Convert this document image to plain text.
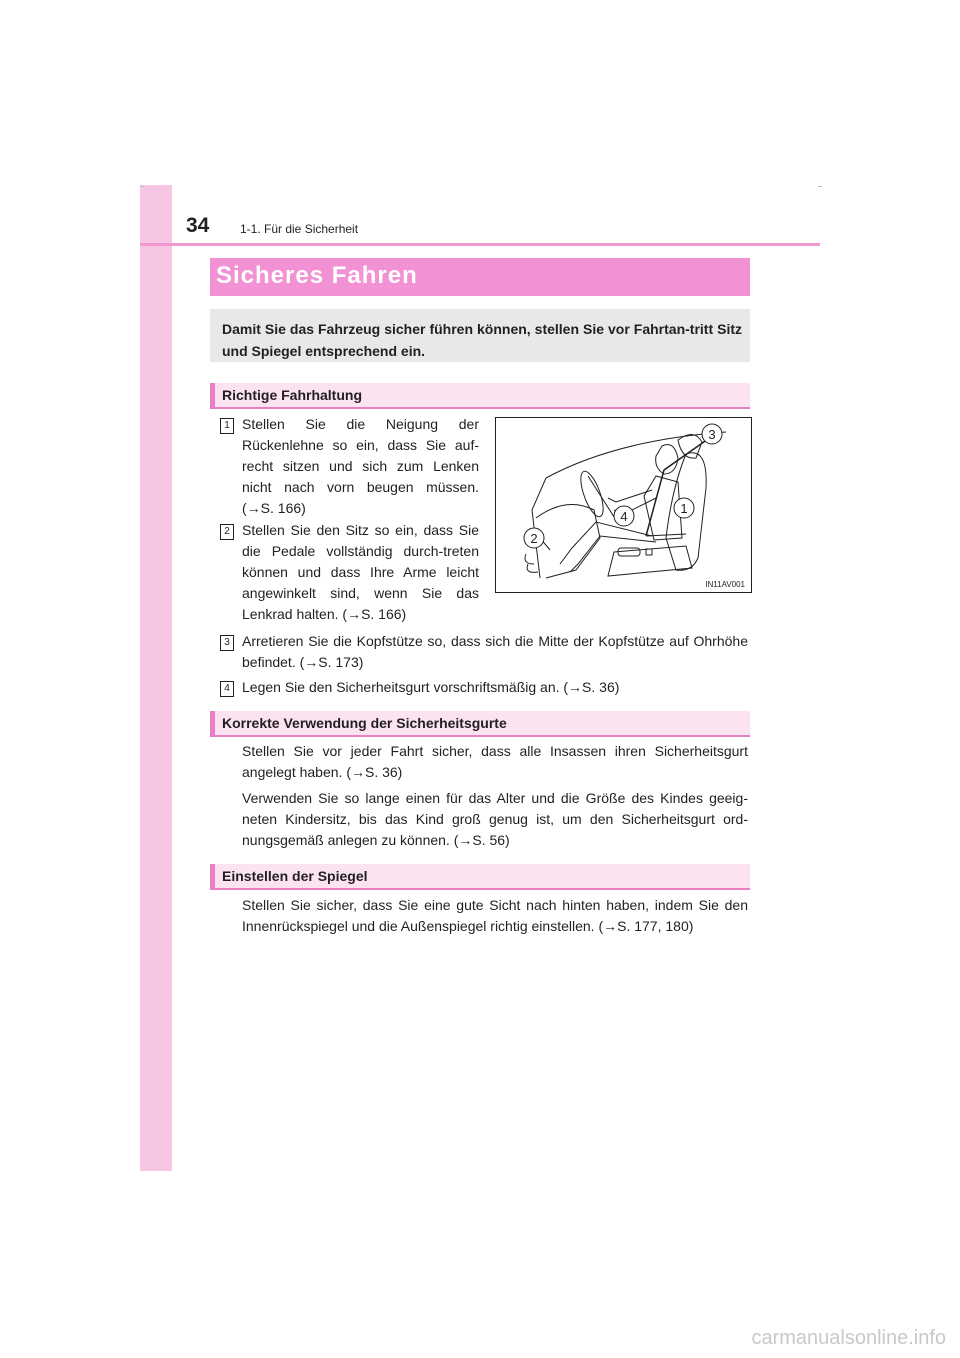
34	1-1. Für die Sicherheit
Sicheres Fahren

Damit Sie das Fahrzeug sicher führen können, stellen Sie vor Fahrtan-tritt Sitz und Spiegel entsprechend ein.

Richtige Fahrhaltung
1 Stellen Sie die Neigung der Rückenlehne so ein, dass Sie auf-recht sitzen und sich zum Lenken nicht nach vorn beugen müssen. (→S. 166)

2 Stellen Sie den Sitz so ein, dass Sie die Pedale vollständig durch-treten können und dass Ihre Arme leicht angewinkelt sind, wenn Sie das Lenkrad halten. (→S. 166)

3 Arretieren Sie die Kopfstütze so, dass sich die Mitte der Kopfstütze auf Ohrhöhe befindet. (→S. 173)

4 Legen Sie den Sicherheitsgurt vorschriftsmäßig an. (→S. 36)

3
1
4
2
IN11AV001
Korrekte Verwendung der Sicherheitsgurte

Stellen Sie vor jeder Fahrt sicher, dass alle Insassen ihren Sicherheitsgurt angelegt haben. (→S. 36)

Verwenden Sie so lange einen für das Alter und die Größe des Kindes geeig-neten Kindersitz, bis das Kind groß genug ist, um den Sicherheitsgurt ord-nungsgemäß anlegen zu können. (→S. 56)

Einstellen der Spiegel

Stellen Sie sicher, dass Sie eine gute Sicht nach hinten haben, indem Sie den Innenrückspiegel und die Außenspiegel richtig einstellen. (→S. 177, 180)

carmanualsonline.info
